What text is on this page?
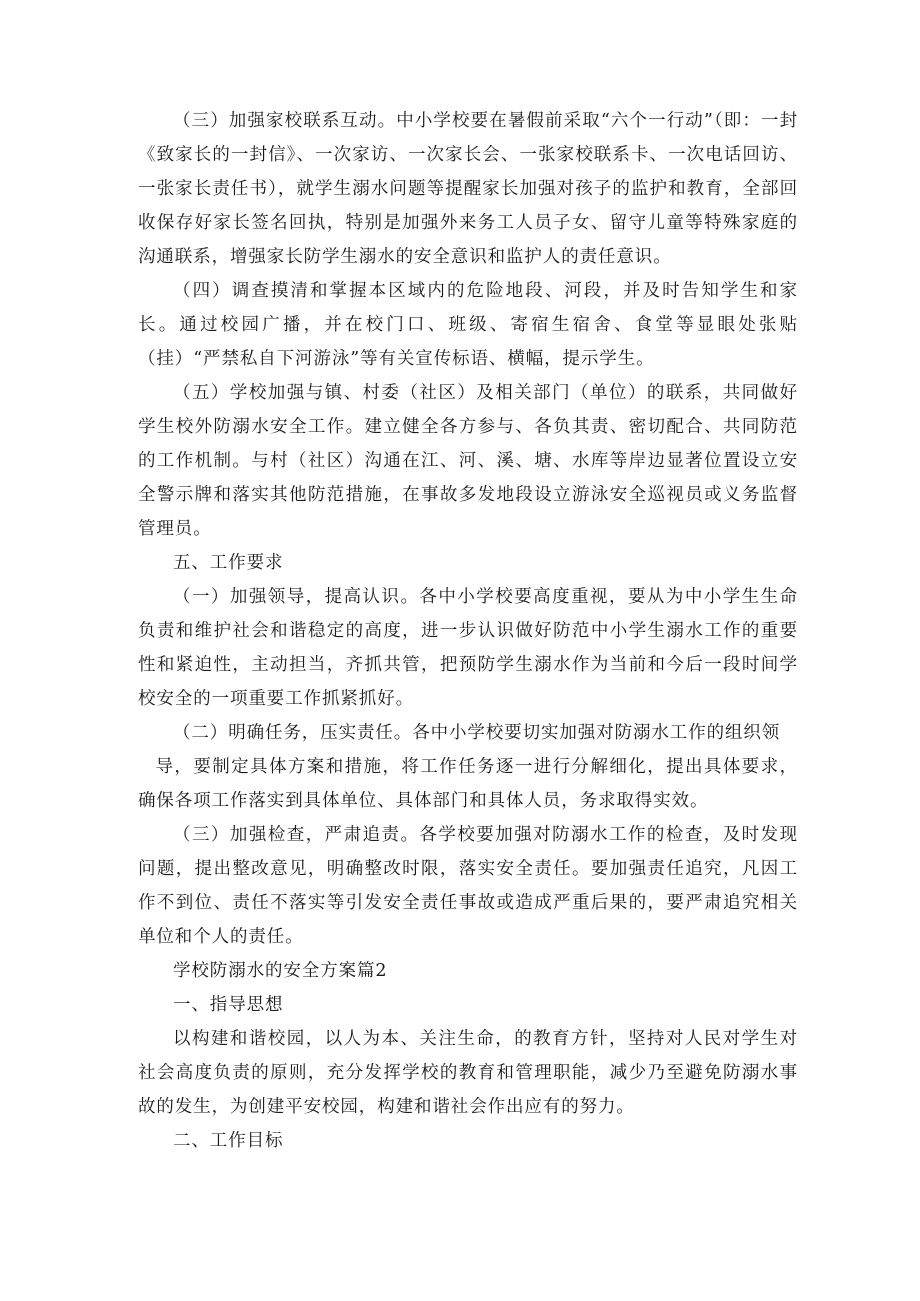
（三）加强家校联系互动。中小学校要在暑假前采取“六个一行动”（即：一封《致家长的一封信》、一次家访、一次家长会、一张家校联系卡、一次电话回访、一张家长责任书），就学生溺水问题等提醒家长加强对孩子的监护和教育，全部回收保存好家长签名回执，特别是加强外来务工人员子女、留守儿童等特殊家庭的沟通联系，增强家长防学生溺水的安全意识和监护人的责任意识。

（四）调查摸清和掌握本区域内的危险地段、河段，并及时告知学生和家长。通过校园广播，并在校门口、班级、寄宿生宿舍、食堂等显眼处张贴（挂）“严禁私自下河游泳”等有关宣传标语、横幅，提示学生。

（五）学校加强与镇、村委（社区）及相关部门（单位）的联系，共同做好学生校外防溺水安全工作。建立健全各方参与、各负其责、密切配合、共同防范的工作机制。与村（社区）沟通在江、河、溪、塘、水库等岸边显著位置设立安全警示牌和落实其他防范措施，在事故多发地段设立游泳安全巡视员或义务监督管理员。

五、工作要求

（一）加强领导，提高认识。各中小学校要高度重视，要从为中小学生生命负责和维护社会和谐稳定的高度，进一步认识做好防范中小学生溺水工作的重要性和紧迫性，主动担当，齐抓共管，把预防学生溺水作为当前和今后一段时间学校安全的一项重要工作抓紧抓好。

（二）明确任务，压实责任。各中小学校要切实加强对防溺水工作的组织领

导，要制定具体方案和措施，将工作任务逐一进行分解细化，提出具体要求，确保各项工作落实到具体单位、具体部门和具体人员，务求取得实效。

（三）加强检查，严肃追责。各学校要加强对防溺水工作的检查，及时发现问题，提出整改意见，明确整改时限，落实安全责任。要加强责任追究，凡因工作不到位、责任不落实等引发安全责任事故或造成严重后果的，要严肃追究相关单位和个人的责任。

学校防溺水的安全方案篇2

一、指导思想

以构建和谐校园，以人为本、关注生命，的教育方针，坚持对人民对学生对社会高度负责的原则，充分发挥学校的教育和管理职能，减少乃至避免防溺水事故的发生，为创建平安校园，构建和谐社会作出应有的努力。

二、工作目标
